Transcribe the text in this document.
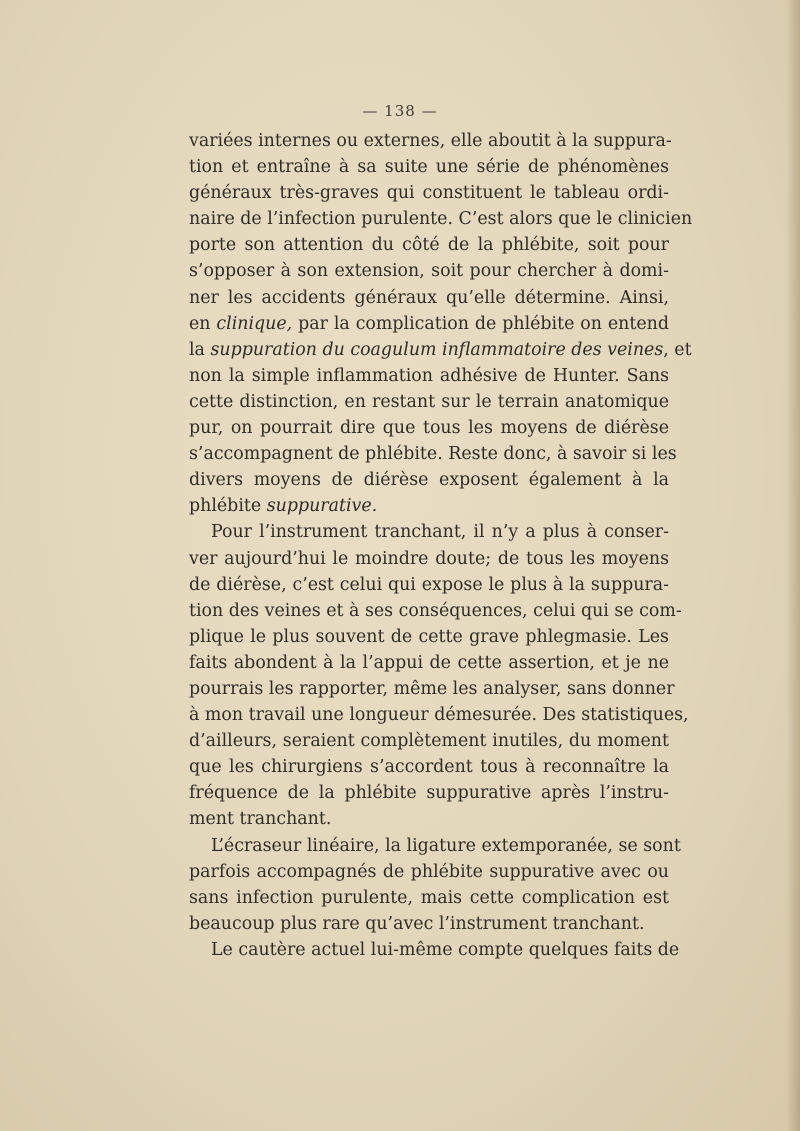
— 138 —
variées internes ou externes, elle aboutit à la suppura-
tion et entraîne à sa suite une série de phénomènes
généraux très-graves qui constituent le tableau ordi-
naire de l’infection purulente. C’est alors que le clinicien
porte son attention du côté de la phlébite, soit pour
s’opposer à son extension, soit pour chercher à domi-
ner les accidents généraux qu’elle détermine. Ainsi,
en clinique, par la complication de phlébite on entend
la suppuration du coagulum inflammatoire des veines, et
non la simple inflammation adhésive de Hunter. Sans
cette distinction, en restant sur le terrain anatomique
pur, on pourrait dire que tous les moyens de diérèse
s’accompagnent de phlébite. Reste donc, à savoir si les
divers moyens de diérèse exposent également à la
phlébite suppurative.
Pour l’instrument tranchant, il n’y a plus à conser-
ver aujourd’hui le moindre doute; de tous les moyens
de diérèse, c’est celui qui expose le plus à la suppura-
tion des veines et à ses conséquences, celui qui se com-
plique le plus souvent de cette grave phlegmasie. Les
faits abondent à la l’appui de cette assertion, et je ne
pourrais les rapporter, même les analyser, sans donner
à mon travail une longueur démesurée. Des statistiques,
d’ailleurs, seraient complètement inutiles, du moment
que les chirurgiens s’accordent tous à reconnaître la
fréquence de la phlébite suppurative après l’instru-
ment tranchant.
L’écraseur linéaire, la ligature extemporanée, se sont
parfois accompagnés de phlébite suppurative avec ou
sans infection purulente, mais cette complication est
beaucoup plus rare qu’avec l’instrument tranchant.
Le cautère actuel lui-même compte quelques faits de
